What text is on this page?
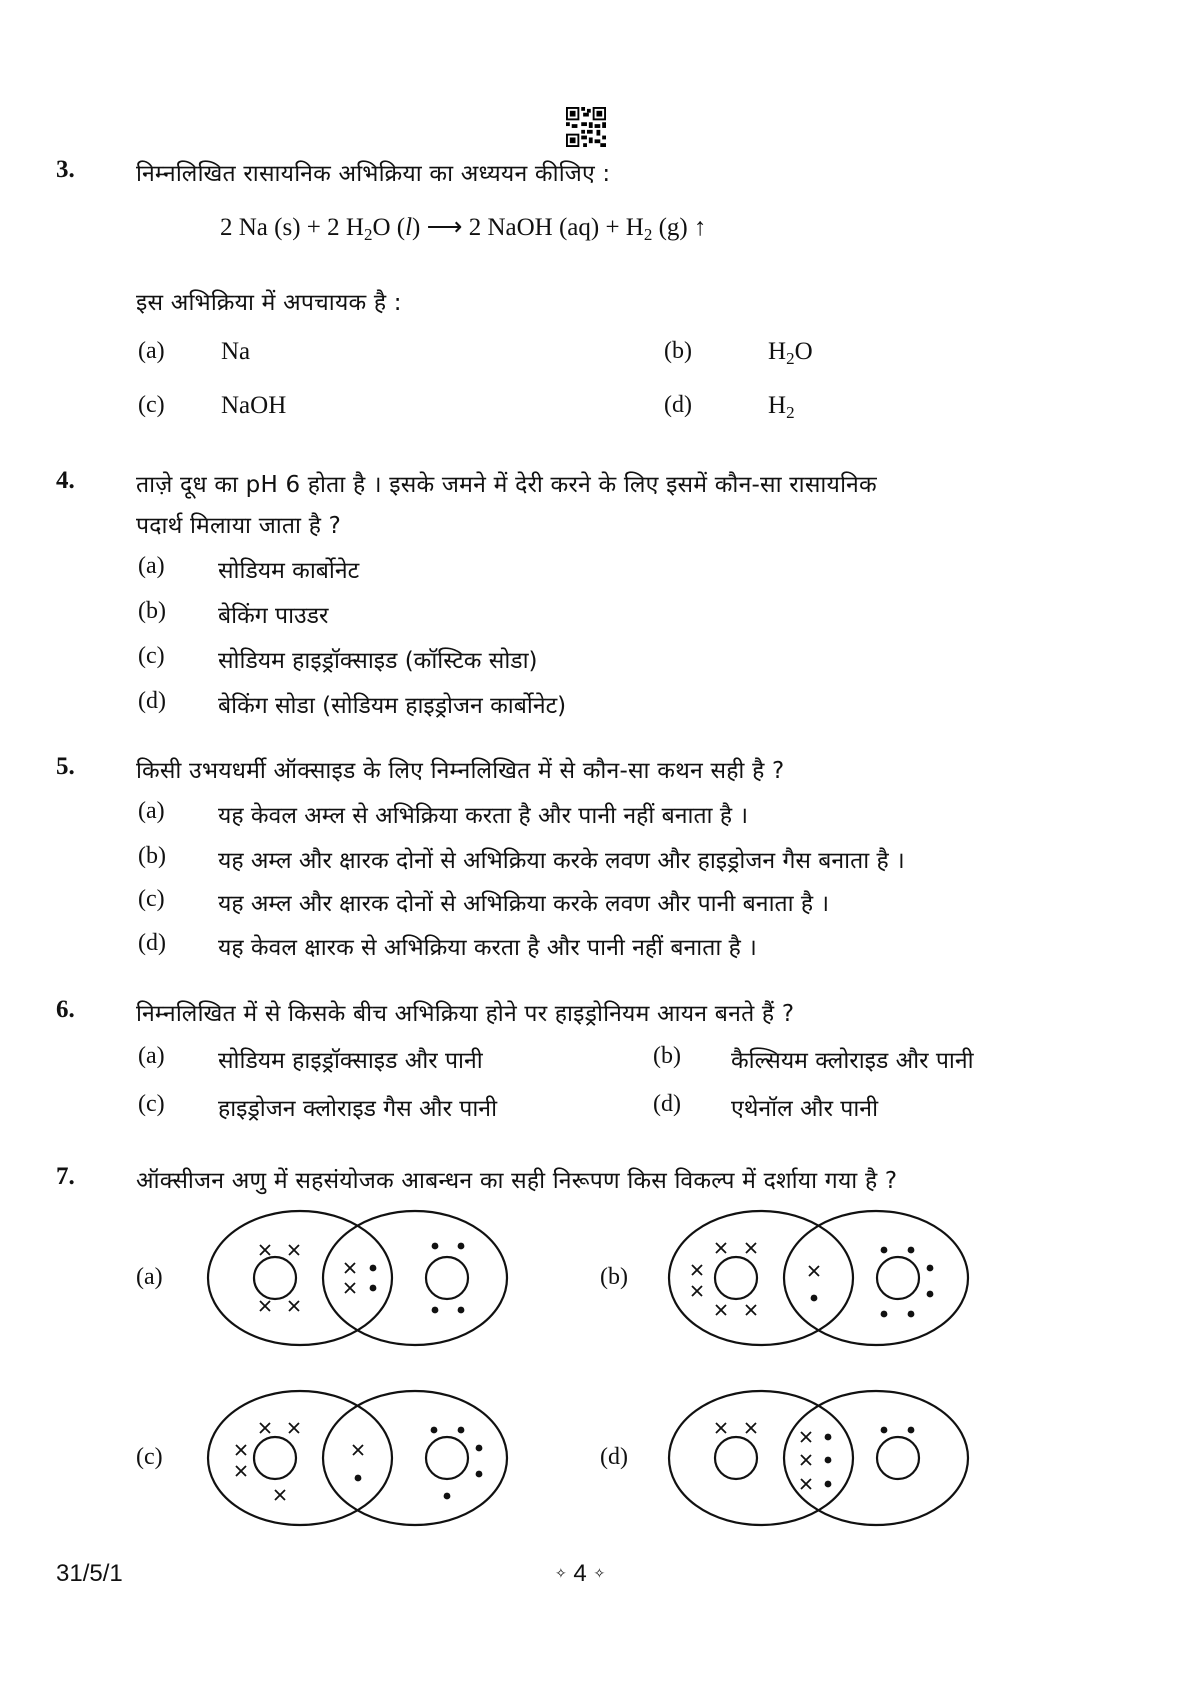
3.	निम्नलिखित रासायनिक अभिक्रिया का अध्ययन कीजिए :
2 Na (s) + 2 $H_2O$ (l) ⟶ 2 NaOH $(aq) + H_2$ (g) ↑
इस अभिक्रिया में अपचायक है :
(a) Na	(b)	$H_2O$
(c) NaOH	(d)	$H_2$
4.	ताज़े दूध का pH 6 होता है । इसके जमने में देरी करने के लिए इसमें कौन-सा रासायनिक
पदार्थ मिलाया जाता है ?
(a) सोडियम कार्बोनेट
(b) बेकिंग पाउडर
(c) सोडियम हाइड्रॉक्साइड (कॉस्टिक सोडा)
(d) बेकिंग सोडा (सोडियम हाइड्रोजन कार्बोनेट)
5.	किसी उभयधर्मी ऑक्साइड के लिए निम्नलिखित में से कौन-सा कथन सही है ?
(a) यह केवल अम्ल से अभिक्रिया करता है और पानी नहीं बनाता है ।
(b) यह अम्ल और क्षारक दोनों से अभिक्रिया करके लवण और हाइड्रोजन गैस बनाता है ।
(c) यह अम्ल और क्षारक दोनों से अभिक्रिया करके लवण और पानी बनाता है ।
(d) यह केवल क्षारक से अभिक्रिया करता है और पानी नहीं बनाता है ।
6.	निम्नलिखित में से किसके बीच अभिक्रिया होने पर हाइड्रोनियम आयन बनते हैं ?
(a) सोडियम हाइड्रॉक्साइड और पानी	(b) कैल्सियम क्लोराइड और पानी
(c) हाइड्रोजन क्लोराइड गैस और पानी	(d) एथेनॉल और पानी
7.	ऑक्सीजन अणु में सहसंयोजक आबन्धन का सही निरूपण किस विकल्प में दर्शाया गया है ?
(a)	(b)
(c)	(d)
31/5/1	✧ 4 ✧
